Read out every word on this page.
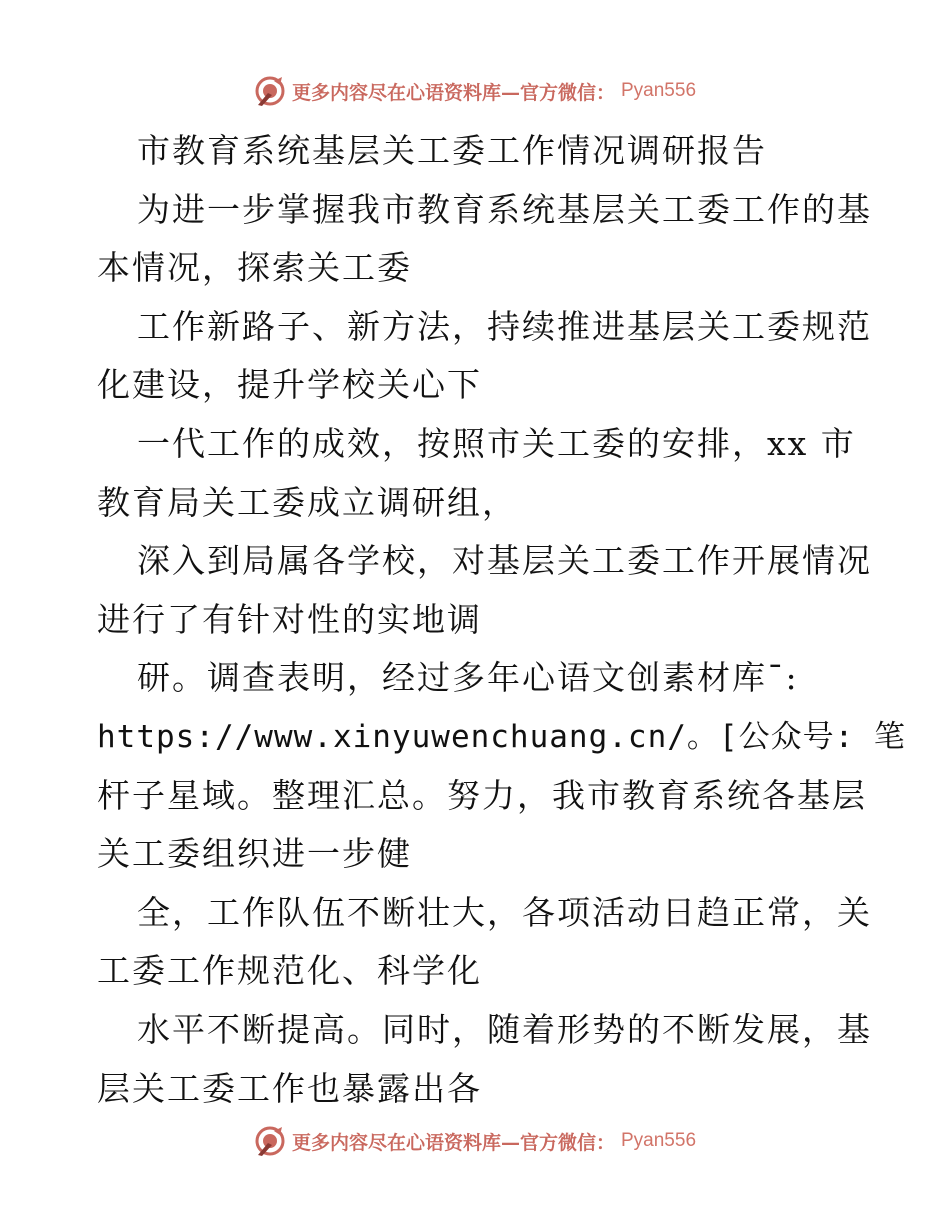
更多内容尽在心语资料库—官方微信： Pyan556
市教育系统基层关工委工作情况调研报告
为进一步掌握我市教育系统基层关工委工作的基
本情况，探索关工委
工作新路子、新方法，持续推进基层关工委规范
化建设，提升学校关心下
一代工作的成效，按照市关工委的安排，xx 市
教育局关工委成立调研组，
深入到局属各学校，对基层关工委工作开展情况
进行了有针对性的实地调
研。调查表明，经过多年心语文创素材库¯:
https://www.xinyuwenchuang.cn/。[公众号: 笔
杆子星域。整理汇总。努力，我市教育系统各基层
关工委组织进一步健
全，工作队伍不断壮大，各项活动日趋正常，关
工委工作规范化、科学化
水平不断提高。同时，随着形势的不断发展，基
层关工委工作也暴露出各
更多内容尽在心语资料库—官方微信： Pyan556
